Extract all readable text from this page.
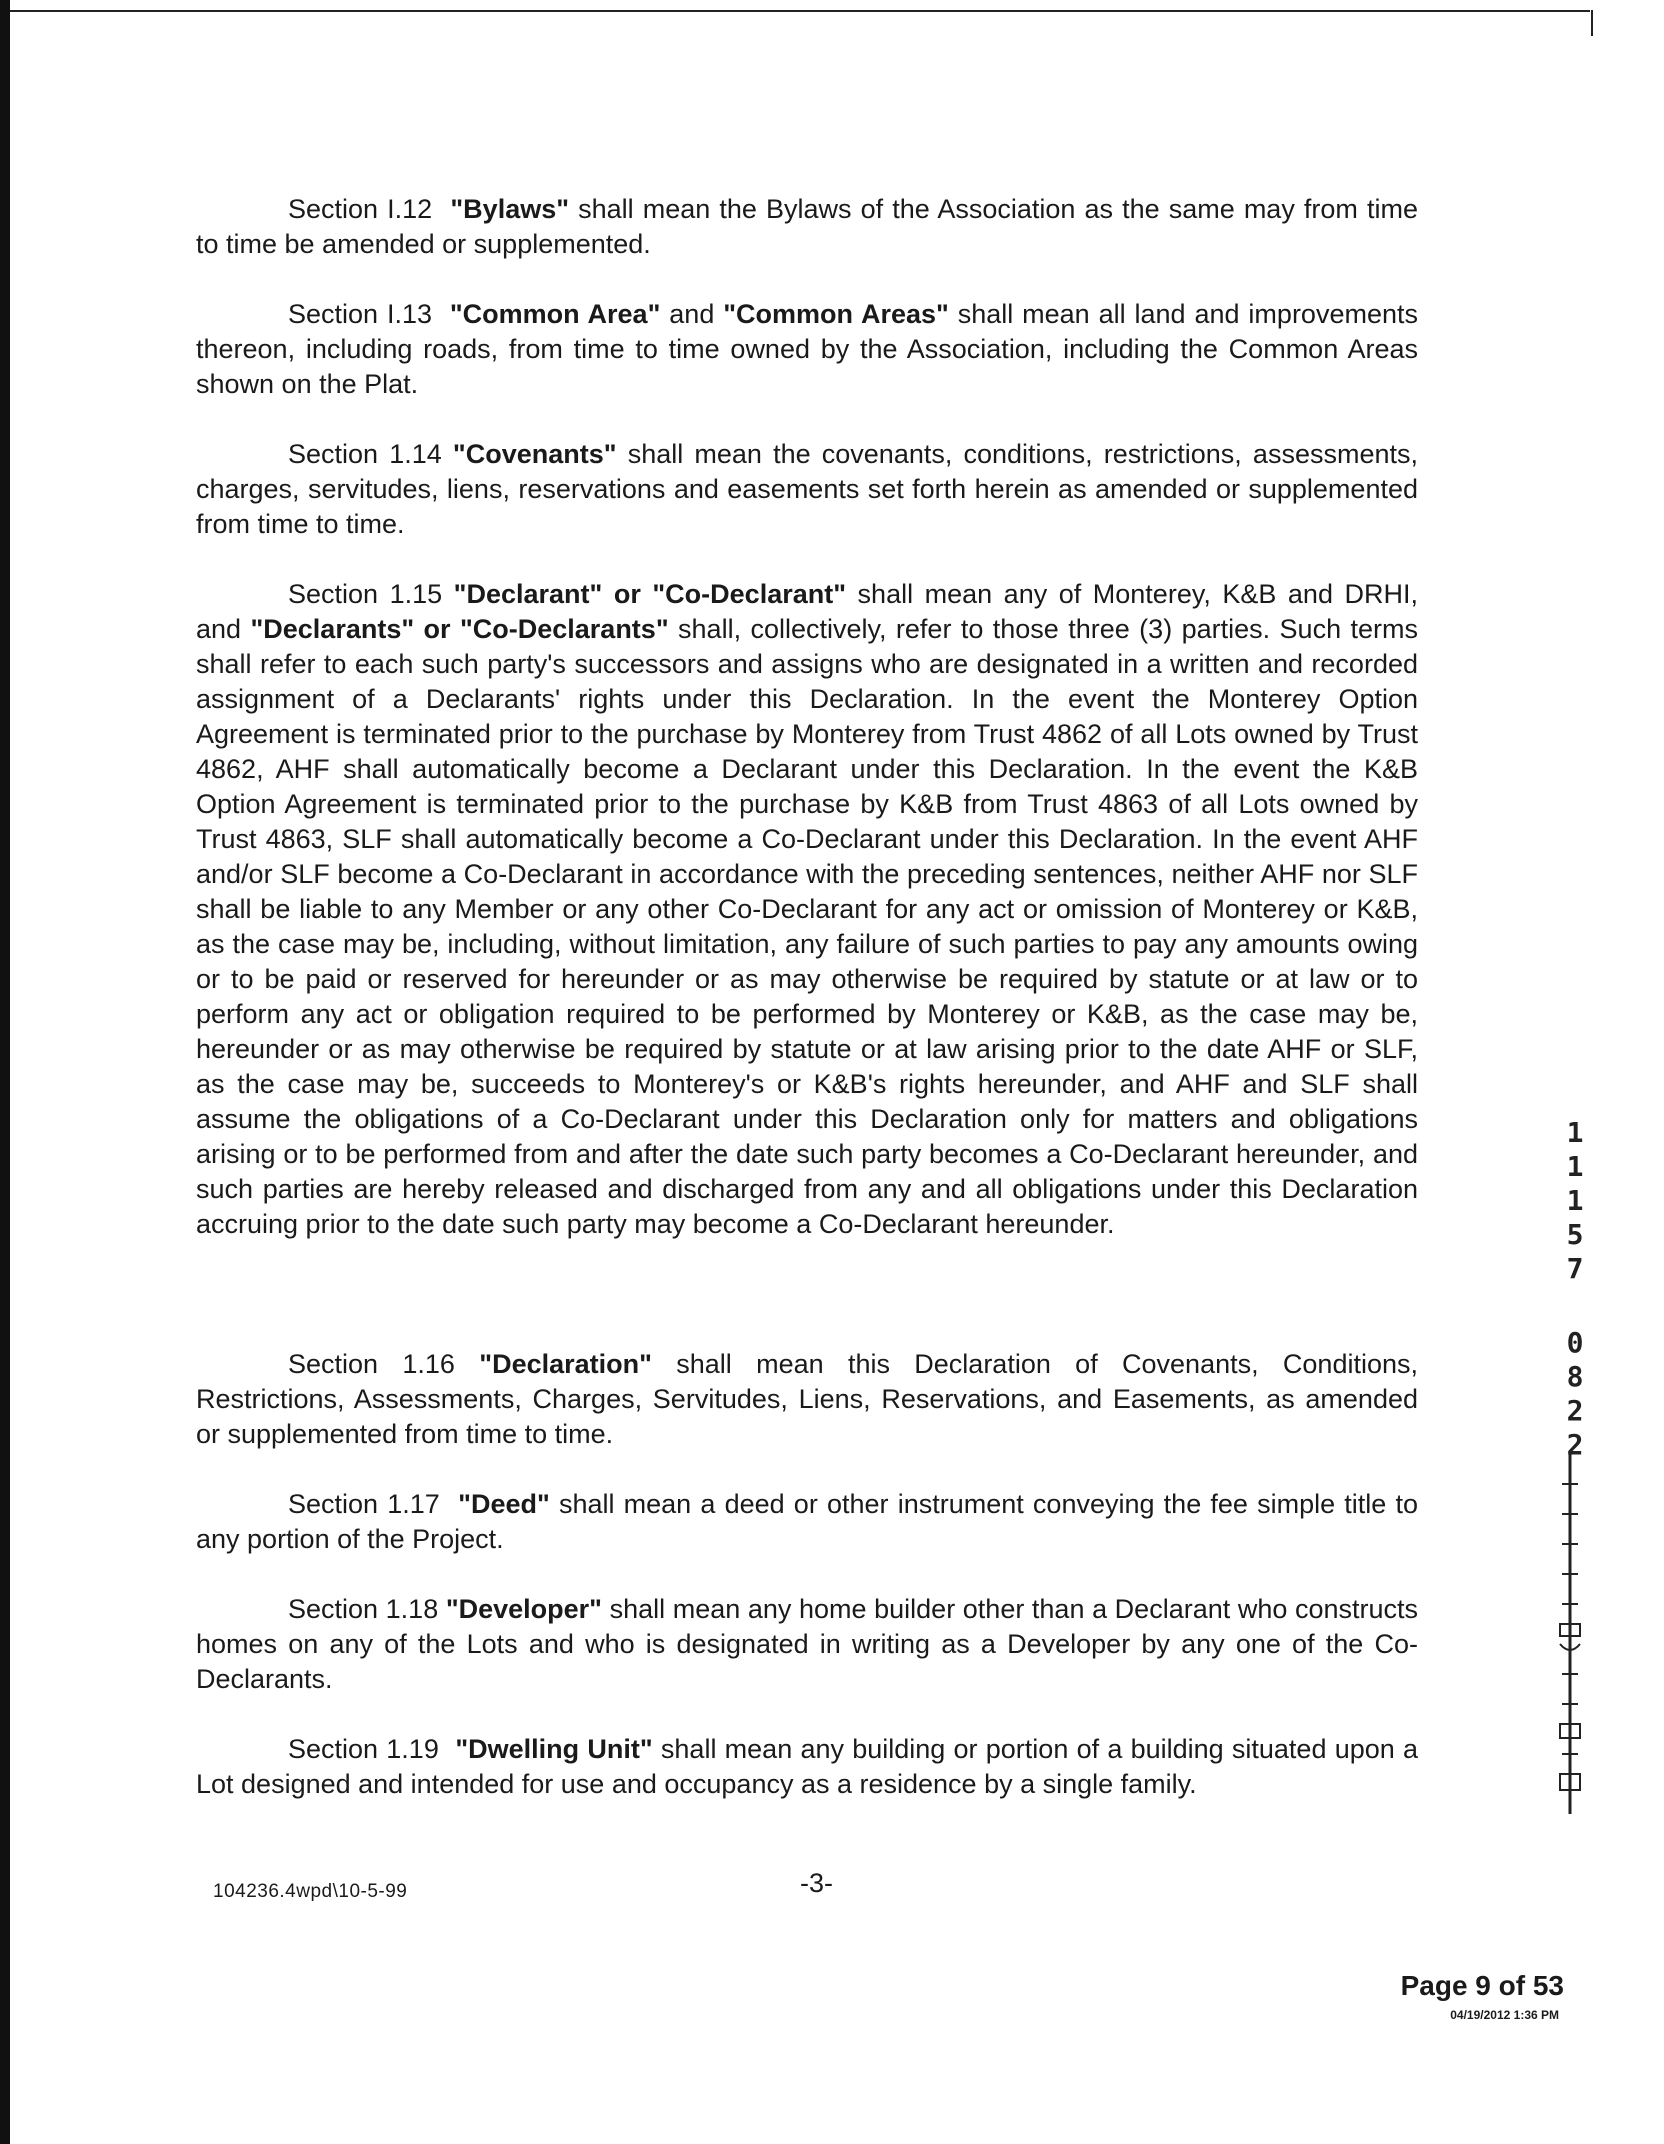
Section I.12 "Bylaws" shall mean the Bylaws of the Association as the same may from time to time be amended or supplemented.

Section I.13 "Common Area" and "Common Areas" shall mean all land and improvements thereon, including roads, from time to time owned by the Association, including the Common Areas shown on the Plat.

Section 1.14 "Covenants" shall mean the covenants, conditions, restrictions, assessments, charges, servitudes, liens, reservations and easements set forth herein as amended or supplemented from time to time.

Section 1.15 "Declarant" or "Co-Declarant" shall mean any of Monterey, K&B and DRHI, and "Declarants" or "Co-Declarants" shall, collectively, refer to those three (3) parties. Such terms shall refer to each such party's successors and assigns who are designated in a written and recorded assignment of a Declarants' rights under this Declaration. In the event the Monterey Option Agreement is terminated prior to the purchase by Monterey from Trust 4862 of all Lots owned by Trust 4862, AHF shall automatically become a Declarant under this Declaration. In the event the K&B Option Agreement is terminated prior to the purchase by K&B from Trust 4863 of all Lots owned by Trust 4863, SLF shall automatically become a Co-Declarant under this Declaration. In the event AHF and/or SLF become a Co-Declarant in accordance with the preceding sentences, neither AHF nor SLF shall be liable to any Member or any other Co-Declarant for any act or omission of Monterey or K&B, as the case may be, including, without limitation, any failure of such parties to pay any amounts owing or to be paid or reserved for hereunder or as may otherwise be required by statute or at law or to perform any act or obligation required to be performed by Monterey or K&B, as the case may be, hereunder or as may otherwise be required by statute or at law arising prior to the date AHF or SLF, as the case may be, succeeds to Monterey's or K&B's rights hereunder, and AHF and SLF shall assume the obligations of a Co-Declarant under this Declaration only for matters and obligations arising or to be performed from and after the date such party becomes a Co-Declarant hereunder, and such parties are hereby released and discharged from any and all obligations under this Declaration accruing prior to the date such party may become a Co-Declarant hereunder.

Section 1.16 "Declaration" shall mean this Declaration of Covenants, Conditions, Restrictions, Assessments, Charges, Servitudes, Liens, Reservations, and Easements, as amended or supplemented from time to time.

Section 1.17 "Deed" shall mean a deed or other instrument conveying the fee simple title to any portion of the Project.

Section 1.18 "Developer" shall mean any home builder other than a Declarant who constructs homes on any of the Lots and who is designated in writing as a Developer by any one of the Co-Declarants.

Section 1.19 "Dwelling Unit" shall mean any building or portion of a building situated upon a Lot designed and intended for use and occupancy as a residence by a single family.

104236.4wpd\10-5-99	-3-
Page 9 of 53
04/19/2012 1:36 PM
1
1
1
5
7
0
8
2
2
